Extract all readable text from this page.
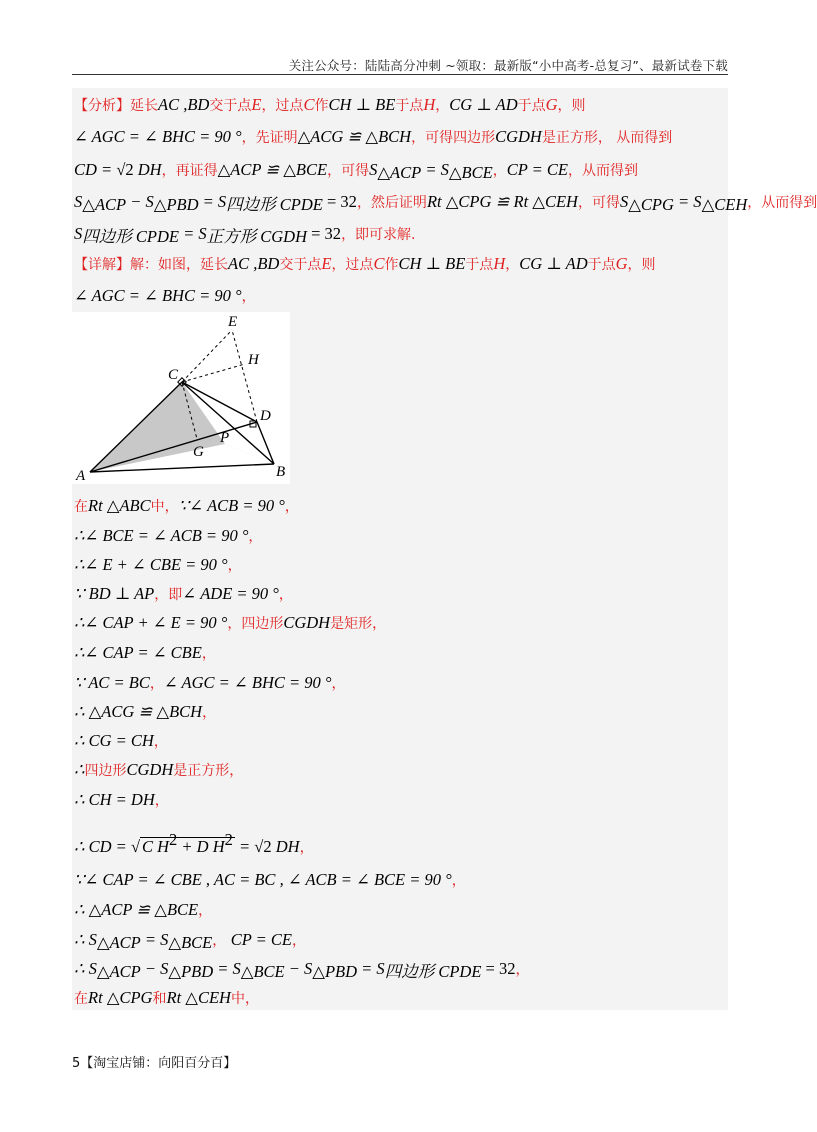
关注公众号：陆陆高分冲刺 ~领取：最新版“小中高考-总复习”、最新试卷下载
【分析】延长AC ,BD交于点E，过点C作CH ⊥ BE于点H，CG ⊥ AD于点G，则
∠ AGC = ∠ BHC = 90 °，先证明△ACG ≌ △BCH，可得四边形CGDH是正方形， 从而得到
CD = √2 DH，再证得△ACP ≌ △BCE，可得$S_{\triangle ACP} = S_{\triangle BCE}$，CP = CE，从而得到
$S_{\triangle ACP} - S_{\triangle PBD} = S_{四边形 CPDE} = 32$，然后证明Rt △CPG ≌ Rt △CEH，可得$S_{\triangle CPG} = S_{\triangle CEH}$，从而得到
$S_{四边形 CPDE} = S_{正方形 CGDH} = 32$，即可求解.
【详解】解：如图，延长AC ,BD交于点E，过点C作CH ⊥ BE于点H，CG ⊥ AD于点G，则
∠ AGC = ∠ BHC = 90 °，
A	B
C
D
E
G
H
P
在Rt △ABC中，∵∠ ACB = 90 °，
∴∠ BCE = ∠ ACB = 90 °，
∴∠ E + ∠ CBE = 90 °，
∵ BD ⊥ AP，即∠ ADE = 90 °，
∴∠ CAP + ∠ E = 90 °，四边形CGDH是矩形，
∴∠ CAP = ∠ CBE，
∵ AC = BC，∠ AGC = ∠ BHC = 90 °，
∴ △ACG ≌ △BCH，
∴ CG = CH，
∴四边形CGDH是正方形，
∴ CH = DH，
∴ CD = √ C $H^2 + D$ $H^2 = √2$ DH，
∵∠ CAP = ∠ CBE , AC = BC , ∠ ACB = ∠ BCE = 90 °，
∴ △ACP ≌ △BCE，
∴ $S_{\triangle ACP} = S_{\triangle BCE}$， CP = CE，
∴ $S_{\triangle ACP} - S_{\triangle PBD} = S_{\triangle BCE} - S_{\triangle PBD} = S_{四边形 CPDE} = 32$，
在Rt △CPG和Rt △CEH中，
5【淘宝店铺：向阳百分百】
